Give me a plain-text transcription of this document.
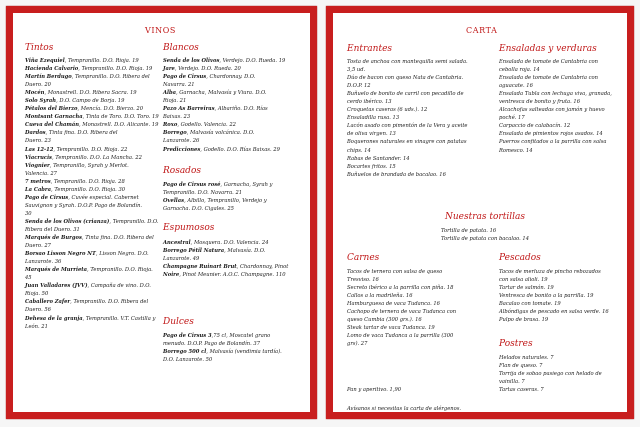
VINOS
Tintos
Viña Ezequiel, Tempranillo. D.O. Rioja. 19
Hacienda Calvario, Tempranillo. D.O. Rioja. 19
Martín Berdugo, Tempranillo. D.O. Ribera del
Duero. 20
Mocén, Monastrell. D.O. Ribera Sacra. 19
Solo Syrah, D.O. Campo de Borja. 19
Pétalos del Bierzo, Mencía. D.O. Bierzo. 20
Montsant Garnacha, Tinta de Toro. D.O. Toro. 19
Cueva del Chamán, Monastrell. D.O. Alicante. 19
Dardos, Tinta fina. D.O. Ribera del
Duero. 23
Las 12-12, Tempranillo. D.O. Rioja. 22
Viacrucis, Tempranillo. D.O. La Mancha. 22
Viognier, Tempranillo, Syrah y Merlot.
Valencia. 27
7 metros, Tempranillo. D.O. Rioja. 28
La Cabra, Tempranillo. D.O. Rioja. 30
Pago de Cirsus, Cuvée especial. Cabernet
Sauvignon y Syrah. D.O.P. Pago de Bolandín.
30
Senda de los Olivos (crianza), Tempranillo. D.O.
Ribera del Duero. 31
Marqués de Burgos, Tinta fina. D.O. Ribera del
Duero. 27
Borsao Lisson Negro NT, Lisson Negro. D.O.
Lanzarote. 36
Marqués de Murrieta, Tempranillo. D.O. Rioja.
45
Juan Valladares (JVV), Campaña de vino. D.O.
Rioja. 50
Caballero Zafer, Tempranillo. D.O. Ribera del
Duero. 56
Dehesa de la granja, Tempranillo. V.T. Castilla y
León. 21
Blancos
Senda de los Olivos, Verdejo. D.O. Rueda. 19
Jare, Verdejo. D.O. Rueda. 20
Pago de Cirsus, Chardonnay. D.O.
Navarra. 21
Alba, Garnacha, Malvasía y Viura. D.O.
Rioja. 21
Pazo As Barreiras, Albariño. D.O. Rías
Baixas. 23
Roxo, Godello. Valencia. 22
Borrego, Malvasía volcánica. D.O.
Lanzarote. 26
Predicciones, Godello. D.O. Rías Baixas. 29
Rosados
Pago de Cirsus rosé, Garnacha, Syrah y
Tempranillo. D.O. Navarra. 21
Ovellas, Albillo, Tempranillo, Verdejo y
Garnacha. D.O. Cigales. 25
Espumosos
Ancestral, Mosquera. D.O. Valencia. 24
Borrego Pétil Natura, Malvasía. D.O.
Lanzarote. 49
Champagne Ruinart Brut, Chardonnay, Pinot
Noire, Pinot Meunier. A.O.C. Champagne. 110
Dulces
Pago de Cirsus 3,75 cl, Moscatel grano
menudo. D.O.P. Pago de Bolandín. 37
Borrego 500 cl, Malvasía (vendimia tardía).
D.O. Lanzarote. 50
CARTA
Entrantes
Tosta de anchoa con mantequilla semi salada.
3,5 ud.
Dúo de bacon con queso Nata de Cantabria.
D.O.P. 12
Buñuelo de bonito de carril con pecadillo de
cerdo ibérico. 13
Croquetas caseras (6 uds.). 12
Ensaladilla rusa. 13
Lacón asado con pimentón de la Vera y aceite
de oliva virgen. 13
Boquerones naturales en vinagre con patatas
chips. 14
Rabas de Santander. 14
Bocartes fritos. 15
Buñuelos de brandada de bacalao. 16
Ensaladas y verduras
Ensalada de tomate de Cantabria con
cebolla roja. 14
Ensalada de tomate de Cantabria con
aguacate. 16
Ensalada Tubla con lechuga viva, granada,
ventresca de bonito y fruta. 16
Alcachofas salteadas con jamón y huevo
poché. 17
Carpaccio de calabacín. 12
Ensalada de pimientos rojos asados. 14
Puerros confitados a la parrilla con salsa
Romesco. 14
Nuestras tortillas
Tortilla de patata. 16
Tortilla de patata con bacalao. 14
Carnes
Tacos de ternera con salsa de queso
Tresviso. 16
Secreto ibérico a la parrilla con piña. 18
Callos a la madrileña. 16
Hamburguesa de vaca Tudanca. 16
Cachopo de ternera de vaca Tudanca con
queso Cumbia (300 grs.). 16
Steak tartar de vaca Tudanca. 19
Lomo de vaca Tudanca a la parrilla (300
grs). 27
Pescados
Tacos de merluza de pincho rebozados
con salsa alioli. 19
Tartar de salmón. 19
Ventresca de bonito a la parrilla. 19
Bacalao con tomate. 19
Albóndigas de pescado en salsa verde. 16
Pulpo de brasa. 19
Postres
Helados naturales. 7
Flan de queso. 7
Torrija de sobao pasiego con helado de
vainilla. 7
Tartas caseras. 7
Pan y aperitivo. 1,90
Avísanos si necesitas la carta de alérgenos.
